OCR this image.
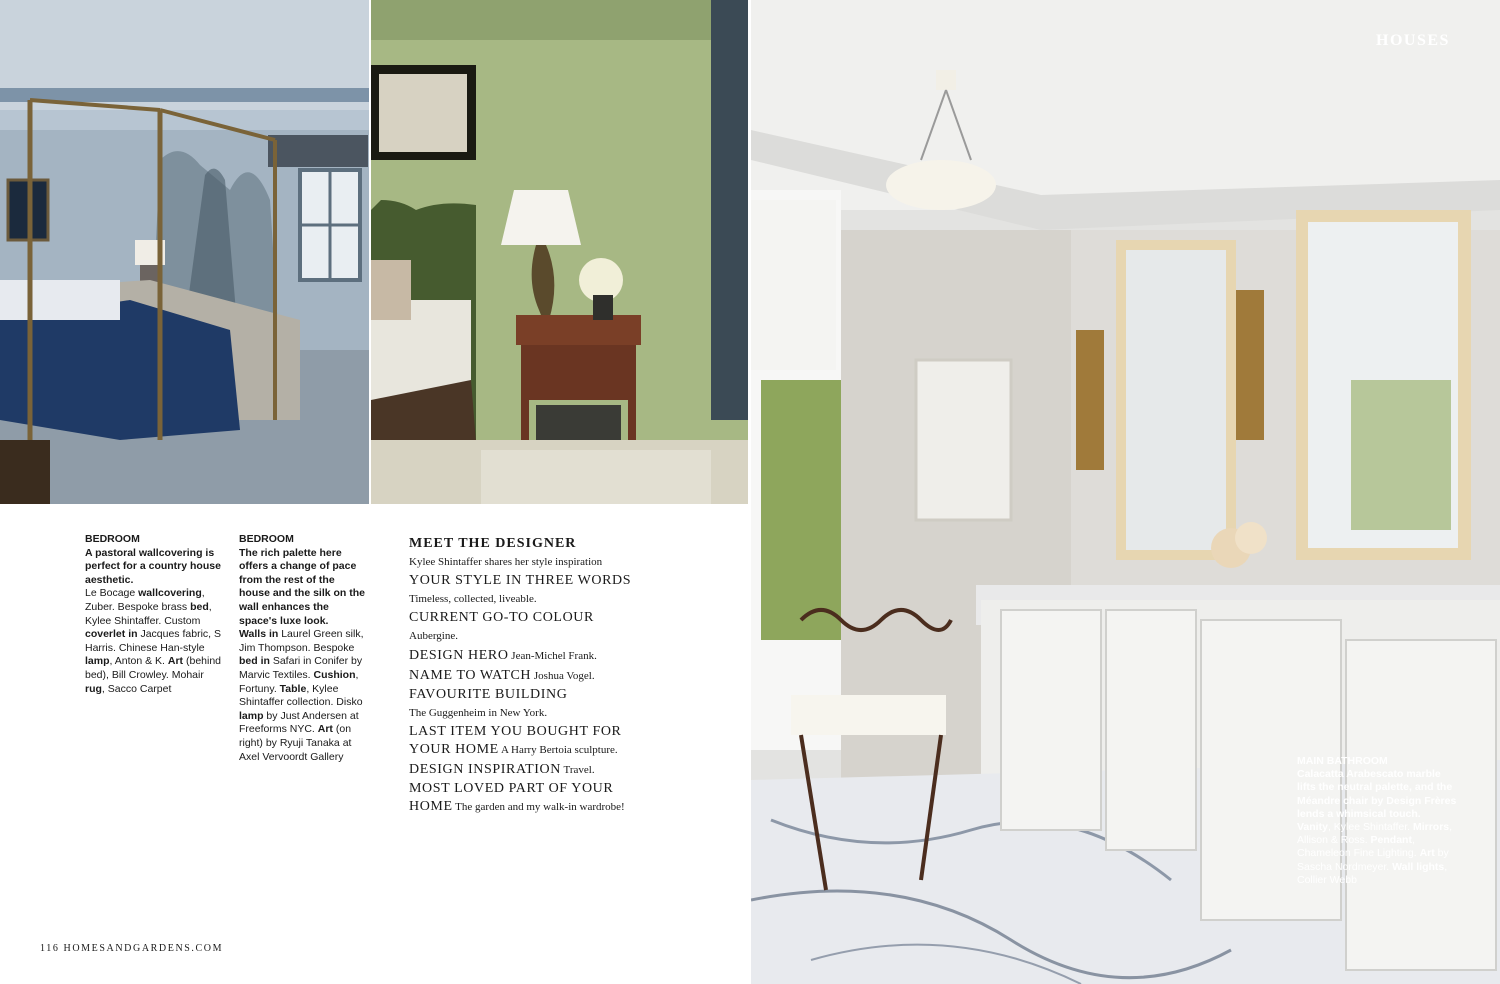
HOUSES
BEDROOM
A pastoral wallcovering is perfect for a country house aesthetic.
Le Bocage wallcovering, Zuber. Bespoke brass bed, Kylee Shintaffer. Custom coverlet in Jacques fabric, S Harris. Chinese Han-style lamp, Anton & K. Art (behind bed), Bill Crowley. Mohair rug, Sacco Carpet
BEDROOM
The rich palette here offers a change of pace from the rest of the house and the silk on the wall enhances the space's luxe look.
Walls in Laurel Green silk, Jim Thompson. Bespoke bed in Safari in Conifer by Marvic Textiles. Cushion, Fortuny. Table, Kylee Shintaffer collection. Disko lamp by Just Andersen at Freeforms NYC. Art (on right) by Ryuji Tanaka at Axel Vervoordt Gallery
MEET THE DESIGNER
Kylee Shintaffer shares her style inspiration
YOUR STYLE IN THREE WORDS
Timeless, collected, liveable.
CURRENT GO-TO COLOUR
Aubergine.
DESIGN HERO Jean-Michel Frank.
NAME TO WATCH Joshua Vogel.
FAVOURITE BUILDING
The Guggenheim in New York.
LAST ITEM YOU BOUGHT FOR
YOUR HOME A Harry Bertoia sculpture.
DESIGN INSPIRATION Travel.
MOST LOVED PART OF YOUR
HOME The garden and my walk-in wardrobe!
MAIN BATHROOM
Calacatta Arabescato marble lifts the neutral palette, and the Méandre chair by Design Frères lends a whimsical touch.
Vanity, Kylee Shintaffer. Mirrors, Allison & Ross. Pendant, Chameleon Fine Lighting. Art by Sascha Nordmeyer. Wall lights, Collier Webb
116 HOMESANDGARDENS.COM
